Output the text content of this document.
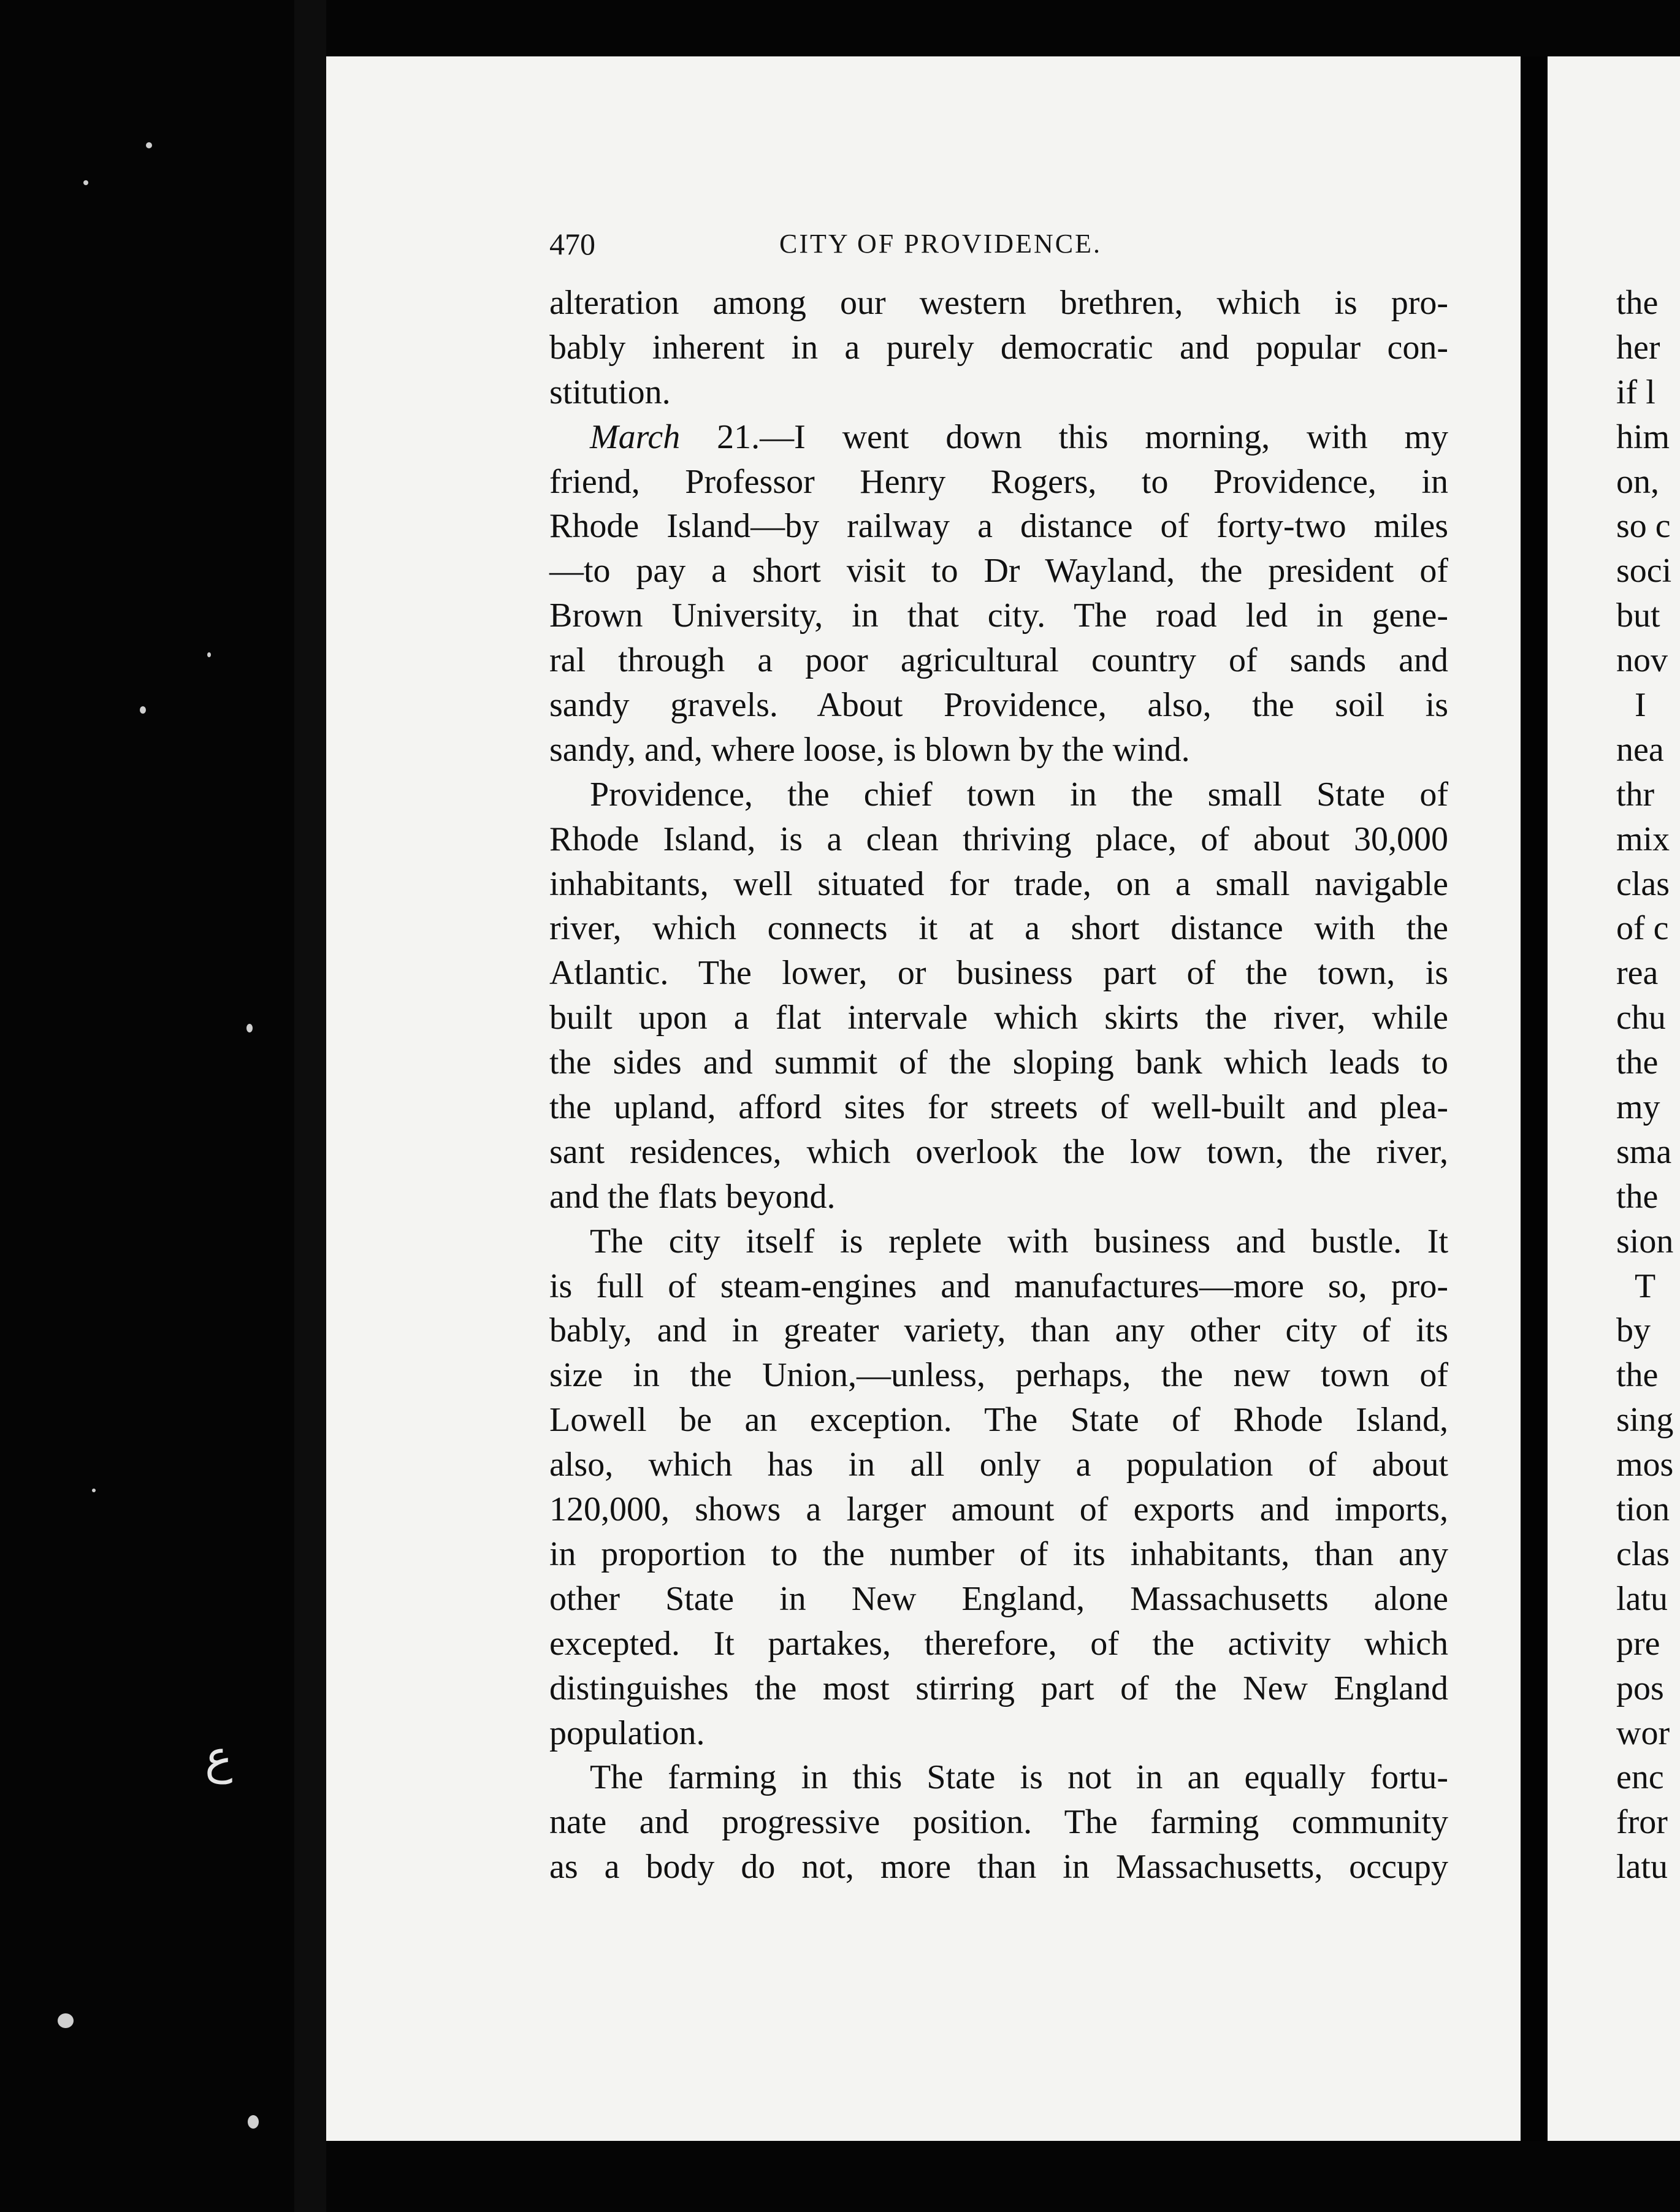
ع
470	CITY OF PROVIDENCE.
alteration among our western brethren, which is pro-
bably inherent in a purely democratic and popular con-
stitution.
March 21.—I went down this morning, with my
friend, Professor Henry Rogers, to Providence, in
Rhode Island—by railway a distance of forty-two miles
—to pay a short visit to Dr Wayland, the president of
Brown University, in that city. The road led in gene-
ral through a poor agricultural country of sands and
sandy gravels. About Providence, also, the soil is
sandy, and, where loose, is blown by the wind.
Providence, the chief town in the small State of
Rhode Island, is a clean thriving place, of about 30,000
inhabitants, well situated for trade, on a small navigable
river, which connects it at a short distance with the
Atlantic. The lower, or business part of the town, is
built upon a flat intervale which skirts the river, while
the sides and summit of the sloping bank which leads to
the upland, afford sites for streets of well-built and plea-
sant residences, which overlook the low town, the river,
and the flats beyond.
The city itself is replete with business and bustle. It
is full of steam-engines and manufactures—more so, pro-
bably, and in greater variety, than any other city of its
size in the Union,—unless, perhaps, the new town of
Lowell be an exception. The State of Rhode Island,
also, which has in all only a population of about
120,000, shows a larger amount of exports and imports,
in proportion to the number of its inhabitants, than any
other State in New England, Massachusetts alone
excepted. It partakes, therefore, of the activity which
distinguishes the most stirring part of the New England
population.
The farming in this State is not in an equally fortu-
nate and progressive position. The farming community
as a body do not, more than in Massachusetts, occupy
the
her
if l
him
on,
so c
soci
but
nov
I
nea
thr
mix
clas
of c
rea
chu
the
my
sma
the
sion
T
by
the
sing
mos
tion
clas
latu
pre
pos
wor
enc
fror
latu
